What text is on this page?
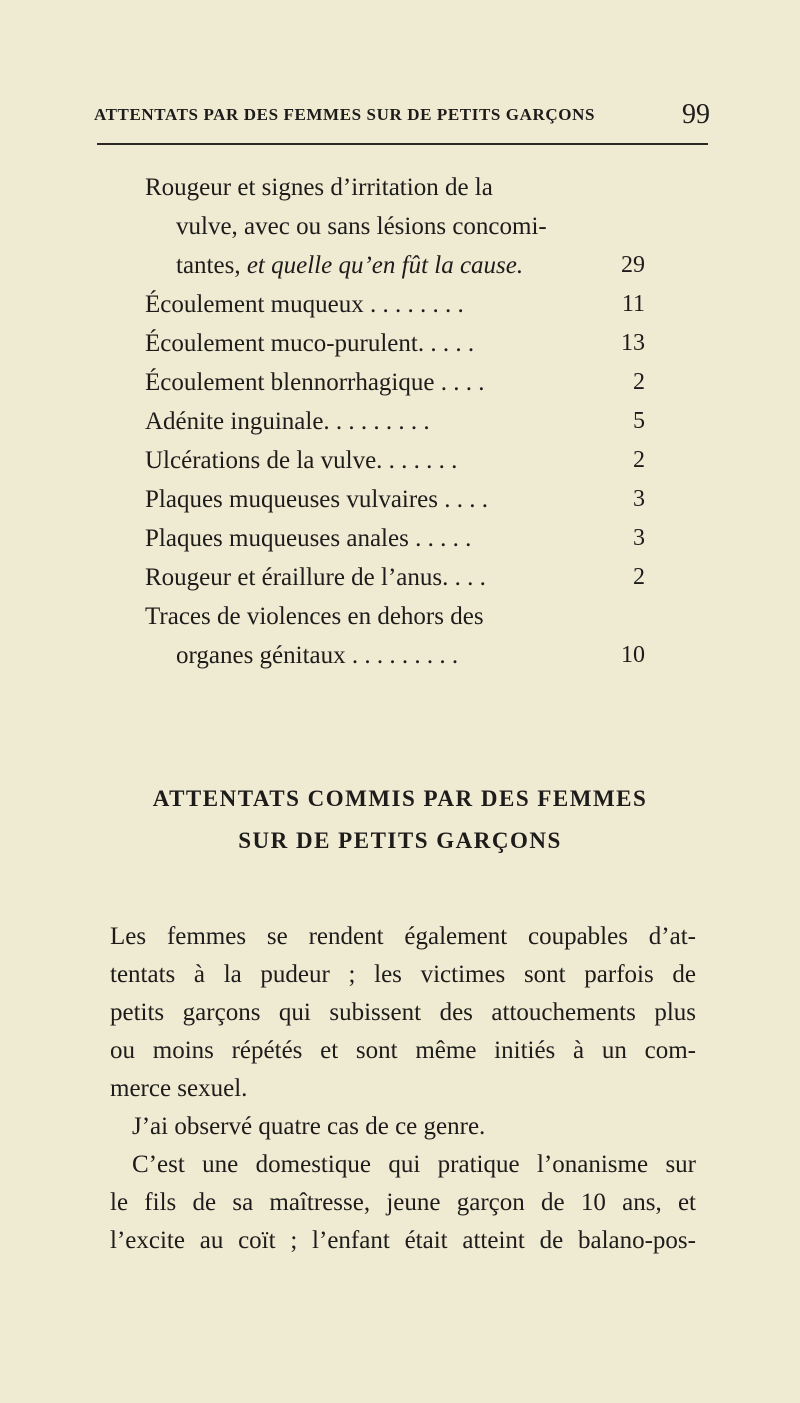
ATTENTATS PAR DES FEMMES SUR DE PETITS GARÇONS	99
Rougeur et signes d’irritation de la
vulve, avec ou sans lésions concomi-
tantes, et quelle qu’en fût la cause.	29
Écoulement muqueux . . . . . . . .	11
Écoulement muco-purulent. . . . .	13
Écoulement blennorrhagique . . . .	2
Adénite inguinale. . . . . . . . .	5
Ulcérations de la vulve. . . . . . .	2
Plaques muqueuses vulvaires . . . .	3
Plaques muqueuses anales . . . . .	3
Rougeur et éraillure de l’anus. . . .	2
Traces de violences en dehors des
organes génitaux . . . . . . . . .	10
ATTENTATS COMMIS PAR DES FEMMES
SUR DE PETITS GARÇONS
Les femmes se rendent également coupables d’at-
tentats à la pudeur ; les victimes sont parfois de
petits garçons qui subissent des attouchements plus
ou moins répétés et sont même initiés à un com-
merce sexuel.
J’ai observé quatre cas de ce genre.
C’est une domestique qui pratique l’onanisme sur
le fils de sa maîtresse, jeune garçon de 10 ans, et
l’excite au coït ; l’enfant était atteint de balano-pos-
